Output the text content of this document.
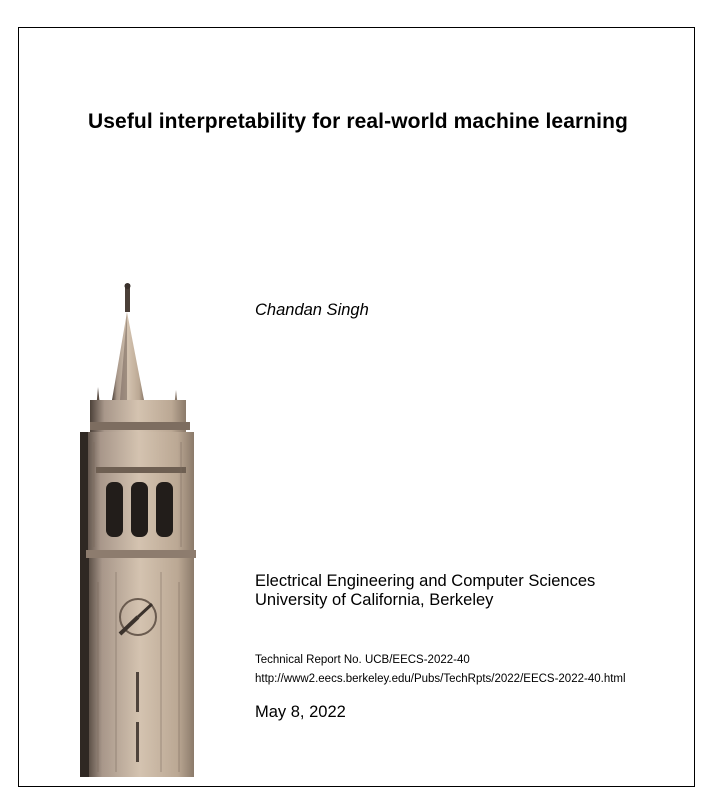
Useful interpretability for real-world machine learning
Chandan Singh
Electrical Engineering and Computer Sciences
University of California, Berkeley
Technical Report No. UCB/EECS-2022-40
http://www2.eecs.berkeley.edu/Pubs/TechRpts/2022/EECS-2022-40.html
May 8, 2022
